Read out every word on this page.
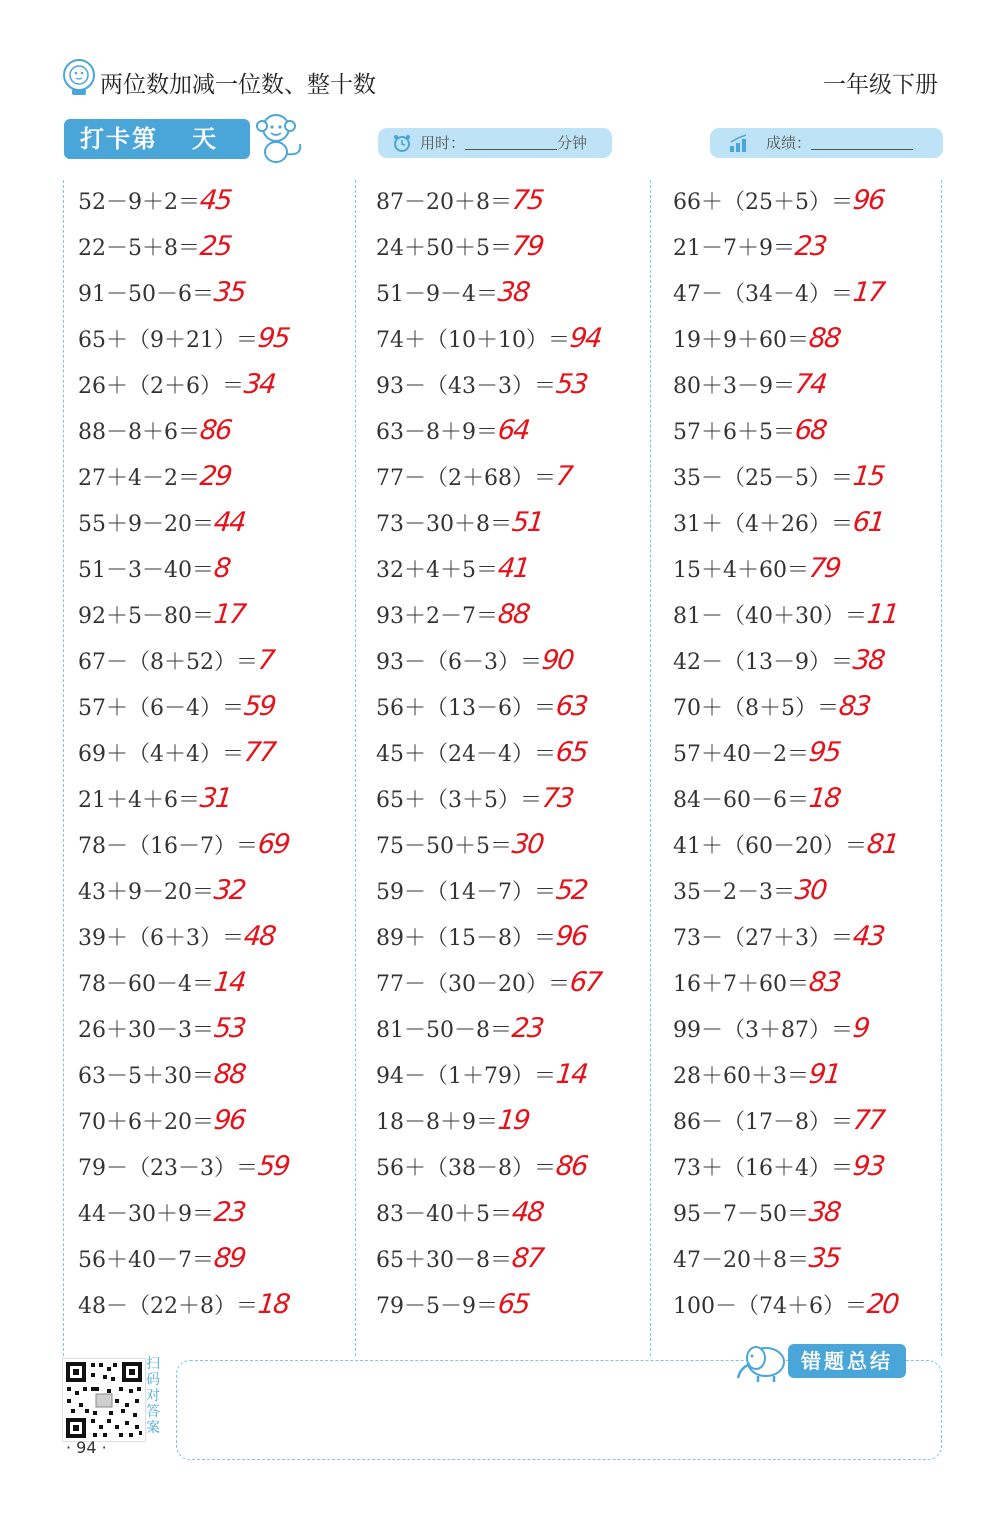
两位数加减一位数、整十数	一年级下册
打卡第 天	用时：	分钟	成绩：
52－9＋2＝45
22－5＋8＝25
91－50－6＝35
65＋（9＋21）＝95
26＋（2＋6）＝34
88－8＋6＝86
27＋4－2＝29
55＋9－20＝44
51－3－40＝8
92＋5－80＝17
67－（8＋52）＝7
57＋（6－4）＝59
69＋（4＋4）＝77
21＋4＋6＝31
78－（16－7）＝69
43＋9－20＝32
39＋（6＋3）＝48
78－60－4＝14
26＋30－3＝53
63－5＋30＝88
70＋6＋20＝96
79－（23－3）＝59
44－30＋9＝23
56＋40－7＝89
48－（22＋8）＝18
87－20＋8＝75
24＋50＋5＝79
51－9－4＝38
74＋（10＋10）＝94
93－（43－3）＝53
63－8＋9＝64
77－（2＋68）＝7
73－30＋8＝51
32＋4＋5＝41
93＋2－7＝88
93－（6－3）＝90
56＋（13－6）＝63
45＋（24－4）＝65
65＋（3＋5）＝73
75－50＋5＝30
59－（14－7）＝52
89＋（15－8）＝96
77－（30－20）＝67
81－50－8＝23
94－（1＋79）＝14
18－8＋9＝19
56＋（38－8）＝86
83－40＋5＝48
65＋30－8＝87
79－5－9＝65
66＋（25＋5）＝96
21－7＋9＝23
47－（34－4）＝17
19＋9＋60＝88
80＋3－9＝74
57＋6＋5＝68
35－（25－5）＝15
31＋（4＋26）＝61
15＋4＋60＝79
81－（40＋30）＝11
42－（13－9）＝38
70＋（8＋5）＝83
57＋40－2＝95
84－60－6＝18
41＋（60－20）＝81
35－2－3＝30
73－（27＋3）＝43
16＋7＋60＝83
99－（3＋87）＝9
28＋60＋3＝91
86－（17－8）＝77
73＋（16＋4）＝93
95－7－50＝38
47－20＋8＝35
100－（74＋6）＝20
错题总结
扫码对答案
· 94 ·
